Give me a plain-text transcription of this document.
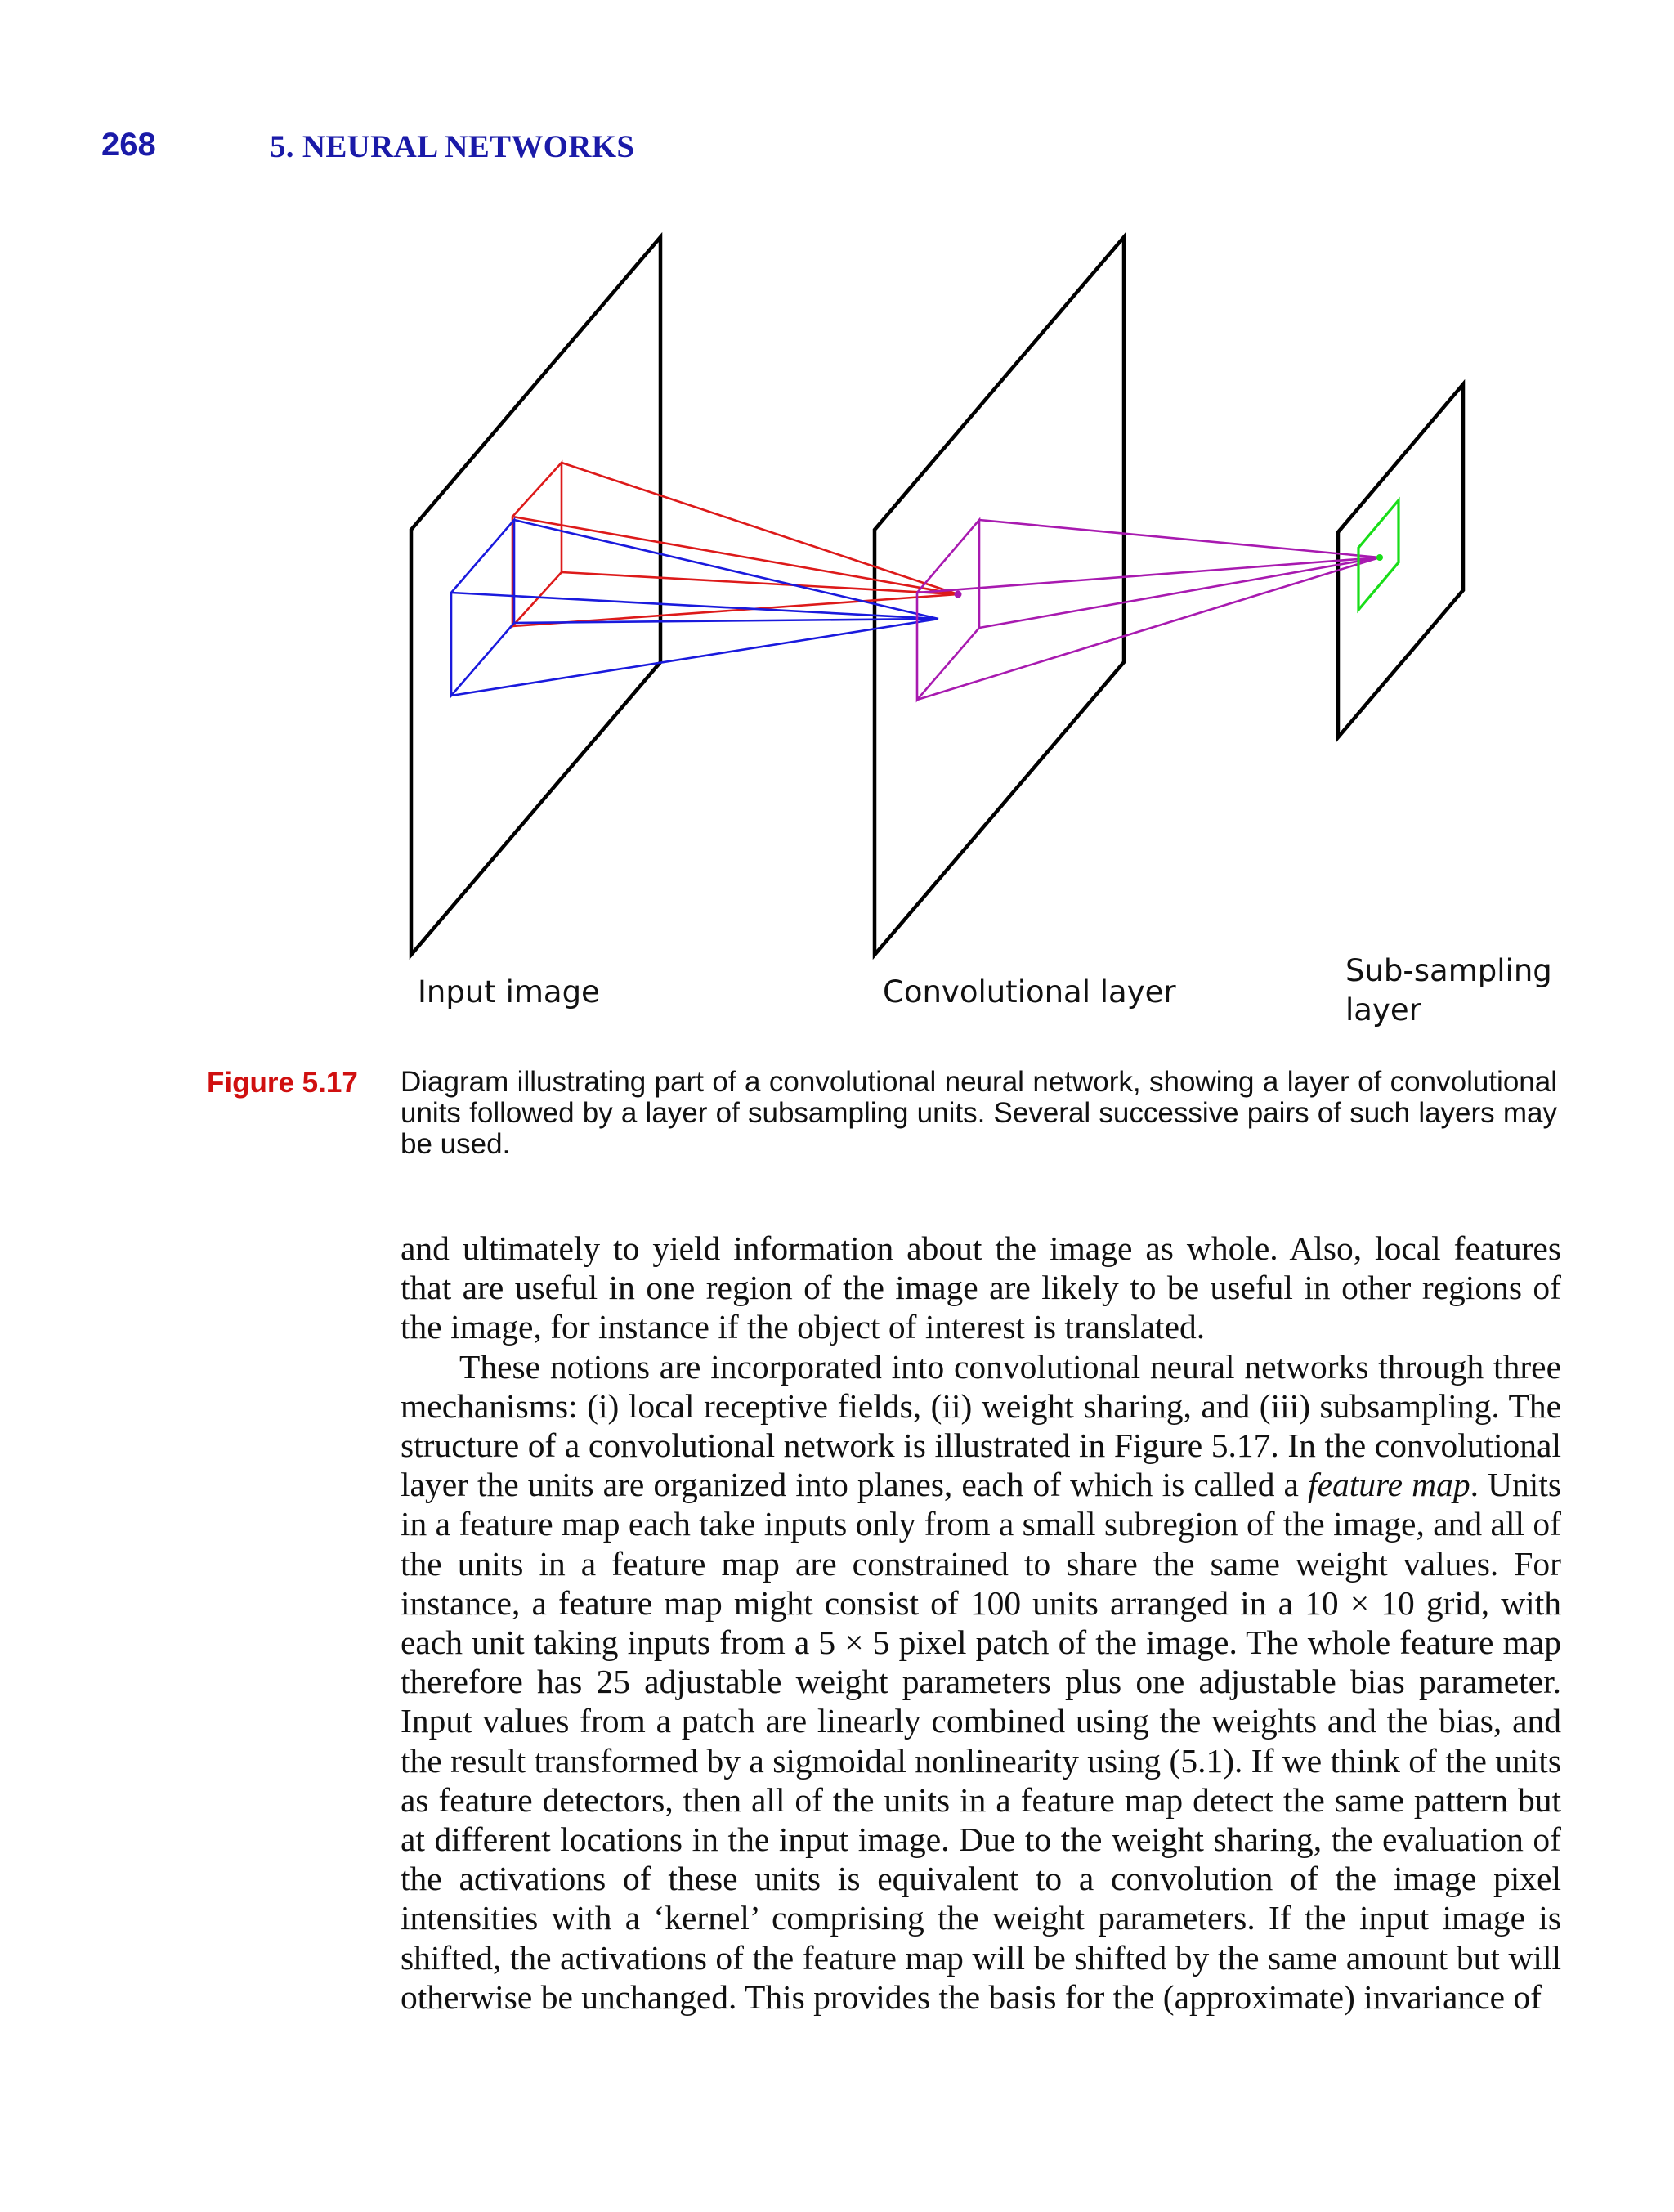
268	5. NEURAL NETWORKS
Input image	Convolutional layer
Sub-sampling
layer
Figure 5.17 Diagram illustrating part of a convolutional neural network, showing a layer of convolutional units followed by a layer of subsampling units. Several successive pairs of such layers may be used.

and ultimately to yield information about the image as whole. Also, local features that are useful in one region of the image are likely to be useful in other regions of the image, for instance if the object of interest is translated.

These notions are incorporated into convolutional neural networks through three mechanisms: (i) local receptive fields, (ii) weight sharing, and (iii) subsampling. The structure of a convolutional network is illustrated in Figure 5.17. In the convolutional layer the units are organized into planes, each of which is called a feature map. Units in a feature map each take inputs only from a small subregion of the image, and all of the units in a feature map are constrained to share the same weight values. For instance, a feature map might consist of 100 units arranged in a 10 × 10 grid, with each unit taking inputs from a 5 × 5 pixel patch of the image. The whole feature map therefore has 25 adjustable weight parameters plus one adjustable bias parameter. Input values from a patch are linearly combined using the weights and the bias, and the result transformed by a sigmoidal nonlinearity using (5.1). If we think of the units as feature detectors, then all of the units in a feature map detect the same pattern but at different locations in the input image. Due to the weight sharing, the evaluation of the activations of these units is equivalent to a convolution of the image pixel intensities with a ‘kernel’ comprising the weight parameters. If the input image is shifted, the activations of the feature map will be shifted by the same amount but will otherwise be unchanged. This provides the basis for the (approximate) invariance of
